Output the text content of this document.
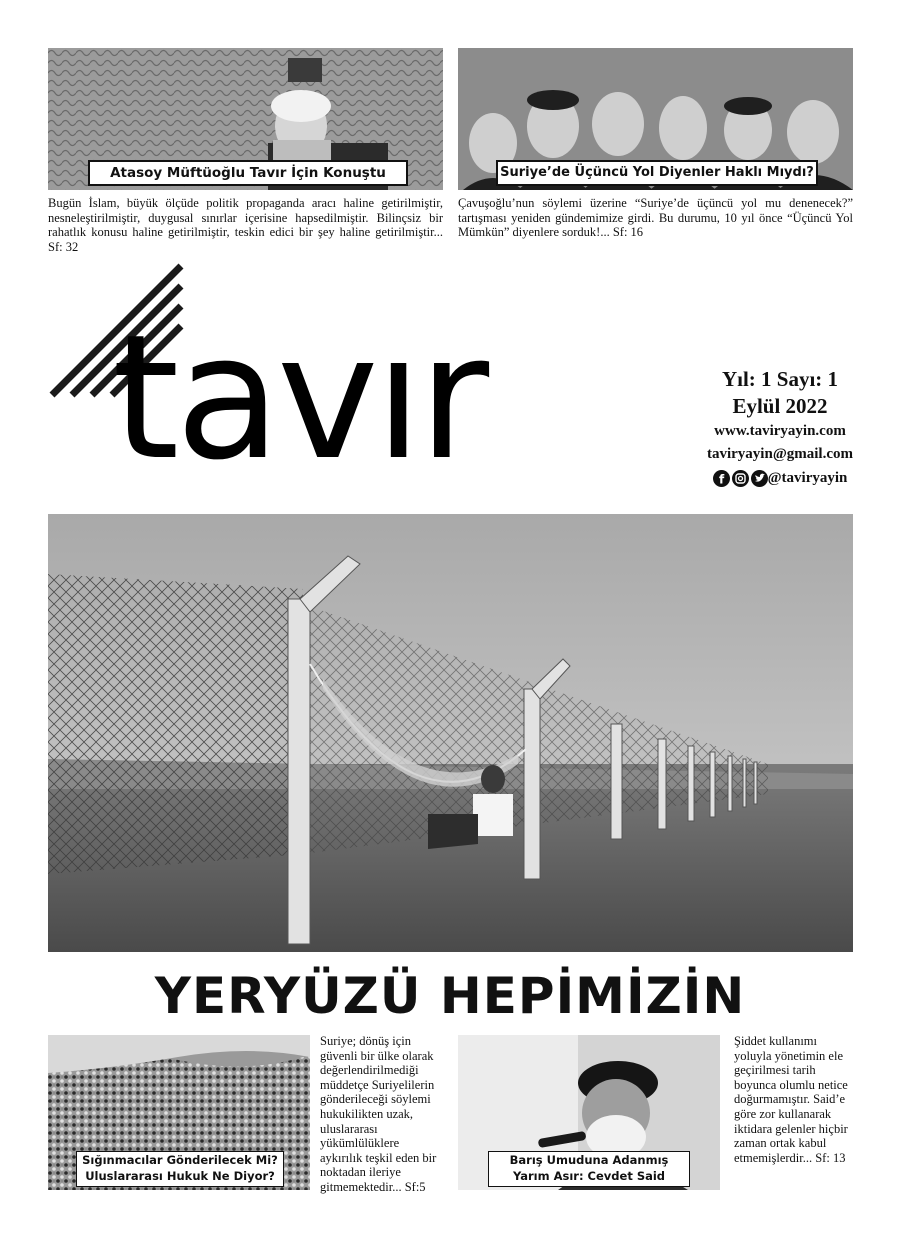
Atasoy Müftüoğlu Tavır İçin Konuştu
Bugün İslam, büyük ölçüde politik propaganda aracı haline getirilmiştir, nesneleştirilmiştir, duygusal sınırlar içerisine hapsedilmiştir. Bilinçsiz bir rahatlık konusu haline getirilmiştir, teskin edici bir şey haline getirilmiştir... Sf: 32
Suriye’de Üçüncü Yol Diyenler Haklı Mıydı?
Çavuşoğlu’nun söylemi üzerine “Suriye’de üçüncü yol mu denenecek?” tartışması yeniden gündemimize girdi. Bu durumu, 10 yıl önce “Üçüncü Yol Mümkün” diyenlere sorduk!... Sf: 16
tavır	Yıl: 1 Sayı: 1
Eylül 2022
www.taviryayin.com
taviryayin@gmail.com
f	@taviryayin
YERYÜZÜ HEPİMİZİN
Sığınmacılar Gönderilecek Mi?
Uluslararası Hukuk Ne Diyor?
Suriye; dönüş için güvenli bir ülke olarak değerlendirilmediği müddetçe Suriyelilerin gönderileceği söylemi hukukilikten uzak, uluslararası yükümlülüklere aykırılık teşkil eden bir noktadan ileriye gitmemektedir... Sf:5
Barış Umuduna Adanmış
Yarım Asır: Cevdet Said
Şiddet kullanımı yoluyla yönetimin ele geçirilmesi tarih boyunca olumlu netice doğurmamıştır. Said’e göre zor kullanarak iktidara gelenler hiçbir zaman ortak kabul etmemişlerdir... Sf: 13
